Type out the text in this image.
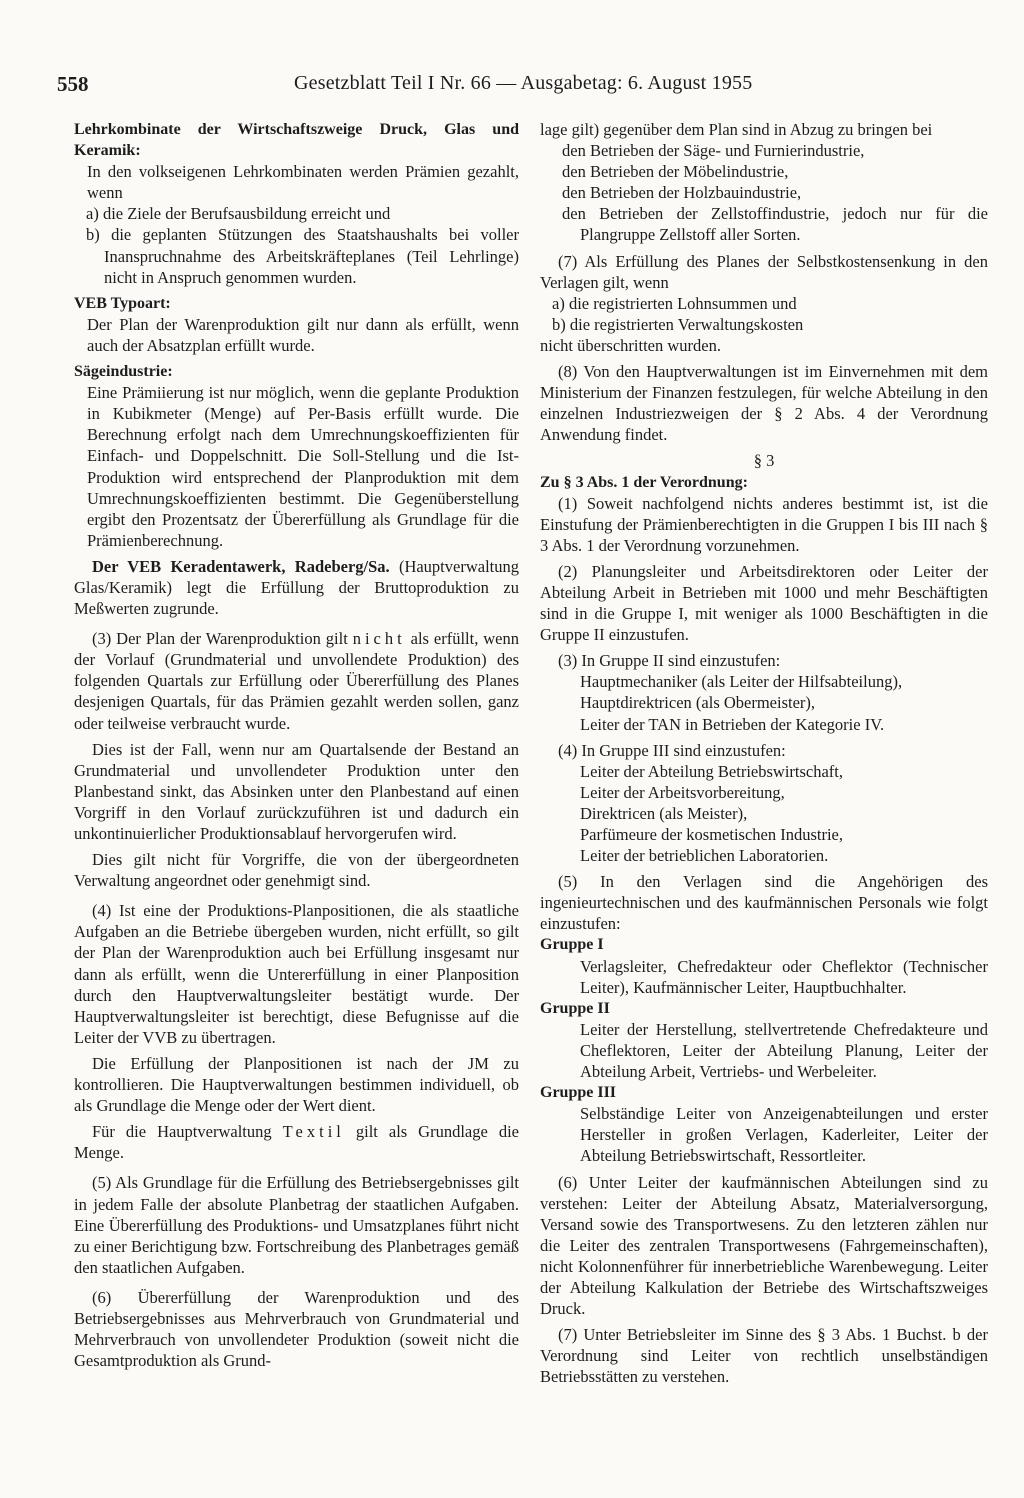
558	Gesetzblatt Teil I Nr. 66 — Ausgabetag: 6. August 1955

Lehrkombinate der Wirtschaftszweige Druck, Glas und Keramik:

In den volkseigenen Lehrkombinaten werden Prämien gezahlt, wenn

a) die Ziele der Berufsausbildung erreicht und

b) die geplanten Stützungen des Staatshaushalts bei voller Inanspruchnahme des Arbeitskräfteplanes (Teil Lehrlinge) nicht in Anspruch genommen wurden.

VEB Typoart:

Der Plan der Warenproduktion gilt nur dann als erfüllt, wenn auch der Absatzplan erfüllt wurde.

Sägeindustrie:

Eine Prämiierung ist nur möglich, wenn die geplante Produktion in Kubikmeter (Menge) auf Per-Basis erfüllt wurde. Die Berechnung erfolgt nach dem Umrechnungskoeffizienten für Einfach- und Doppelschnitt. Die Soll-Stellung und die Ist-Produktion wird entsprechend der Planproduktion mit dem Umrechnungskoeffizienten bestimmt. Die Gegenüberstellung ergibt den Prozentsatz der Übererfüllung als Grundlage für die Prämienberechnung.

Der VEB Keradentawerk, Radeberg/Sa. (Hauptverwaltung Glas/Keramik) legt die Erfüllung der Bruttoproduktion zu Meßwerten zugrunde.

(3) Der Plan der Warenproduktion gilt nicht als erfüllt, wenn der Vorlauf (Grundmaterial und unvollendete Produktion) des folgenden Quartals zur Erfüllung oder Übererfüllung des Planes desjenigen Quartals, für das Prämien gezahlt werden sollen, ganz oder teilweise verbraucht wurde.

Dies ist der Fall, wenn nur am Quartalsende der Bestand an Grundmaterial und unvollendeter Produktion unter den Planbestand sinkt, das Absinken unter den Planbestand auf einen Vorgriff in den Vorlauf zurückzuführen ist und dadurch ein unkontinuierlicher Produktionsablauf hervorgerufen wird.

Dies gilt nicht für Vorgriffe, die von der übergeordneten Verwaltung angeordnet oder genehmigt sind.

(4) Ist eine der Produktions-Planpositionen, die als staatliche Aufgaben an die Betriebe übergeben wurden, nicht erfüllt, so gilt der Plan der Warenproduktion auch bei Erfüllung insgesamt nur dann als erfüllt, wenn die Untererfüllung in einer Planposition durch den Hauptverwaltungsleiter bestätigt wurde. Der Hauptverwaltungsleiter ist berechtigt, diese Befugnisse auf die Leiter der VVB zu übertragen.

Die Erfüllung der Planpositionen ist nach der JM zu kontrollieren. Die Hauptverwaltungen bestimmen individuell, ob als Grundlage die Menge oder der Wert dient.

Für die Hauptverwaltung Textil gilt als Grundlage die Menge.

(5) Als Grundlage für die Erfüllung des Betriebsergebnisses gilt in jedem Falle der absolute Planbetrag der staatlichen Aufgaben. Eine Übererfüllung des Produktions- und Umsatzplanes führt nicht zu einer Berichtigung bzw. Fortschreibung des Planbetrages gemäß den staatlichen Aufgaben.

(6) Übererfüllung der Warenproduktion und des Betriebsergebnisses aus Mehrverbrauch von Grundmaterial und Mehrverbrauch von unvollendeter Produktion (soweit nicht die Gesamtproduktion als Grund-

lage gilt) gegenüber dem Plan sind in Abzug zu bringen bei

den Betrieben der Säge- und Furnierindustrie,

den Betrieben der Möbelindustrie,

den Betrieben der Holzbauindustrie,

den Betrieben der Zellstoffindustrie, jedoch nur für die Plangruppe Zellstoff aller Sorten.

(7) Als Erfüllung des Planes der Selbstkostensenkung in den Verlagen gilt, wenn

a) die registrierten Lohnsummen und

b) die registrierten Verwaltungskosten

nicht überschritten wurden.

(8) Von den Hauptverwaltungen ist im Einvernehmen mit dem Ministerium der Finanzen festzulegen, für welche Abteilung in den einzelnen Industriezweigen der § 2 Abs. 4 der Verordnung Anwendung findet.

§ 3

Zu § 3 Abs. 1 der Verordnung:

(1) Soweit nachfolgend nichts anderes bestimmt ist, ist die Einstufung der Prämienberechtigten in die Gruppen I bis III nach § 3 Abs. 1 der Verordnung vorzunehmen.

(2) Planungsleiter und Arbeitsdirektoren oder Leiter der Abteilung Arbeit in Betrieben mit 1000 und mehr Beschäftigten sind in die Gruppe I, mit weniger als 1000 Beschäftigten in die Gruppe II einzustufen.

(3) In Gruppe II sind einzustufen:

Hauptmechaniker (als Leiter der Hilfsabteilung),

Hauptdirektricen (als Obermeister),

Leiter der TAN in Betrieben der Kategorie IV.

(4) In Gruppe III sind einzustufen:

Leiter der Abteilung Betriebswirtschaft,

Leiter der Arbeitsvorbereitung,

Direktricen (als Meister),

Parfümeure der kosmetischen Industrie,

Leiter der betrieblichen Laboratorien.

(5) In den Verlagen sind die Angehörigen des ingenieurtechnischen und des kaufmännischen Personals wie folgt einzustufen:

Gruppe I

Verlagsleiter, Chefredakteur oder Cheflektor (Technischer Leiter), Kaufmännischer Leiter, Hauptbuchhalter.

Gruppe II

Leiter der Herstellung, stellvertretende Chefredakteure und Cheflektoren, Leiter der Abteilung Planung, Leiter der Abteilung Arbeit, Vertriebs- und Werbeleiter.

Gruppe III

Selbständige Leiter von Anzeigenabteilungen und erster Hersteller in großen Verlagen, Kaderleiter, Leiter der Abteilung Betriebswirtschaft, Ressortleiter.

(6) Unter Leiter der kaufmännischen Abteilungen sind zu verstehen: Leiter der Abteilung Absatz, Materialversorgung, Versand sowie des Transportwesens. Zu den letzteren zählen nur die Leiter des zentralen Transportwesens (Fahrgemeinschaften), nicht Kolonnenführer für innerbetriebliche Warenbewegung. Leiter der Abteilung Kalkulation der Betriebe des Wirtschaftszweiges Druck.

(7) Unter Betriebsleiter im Sinne des § 3 Abs. 1 Buchst. b der Verordnung sind Leiter von rechtlich unselbständigen Betriebsstätten zu verstehen.
